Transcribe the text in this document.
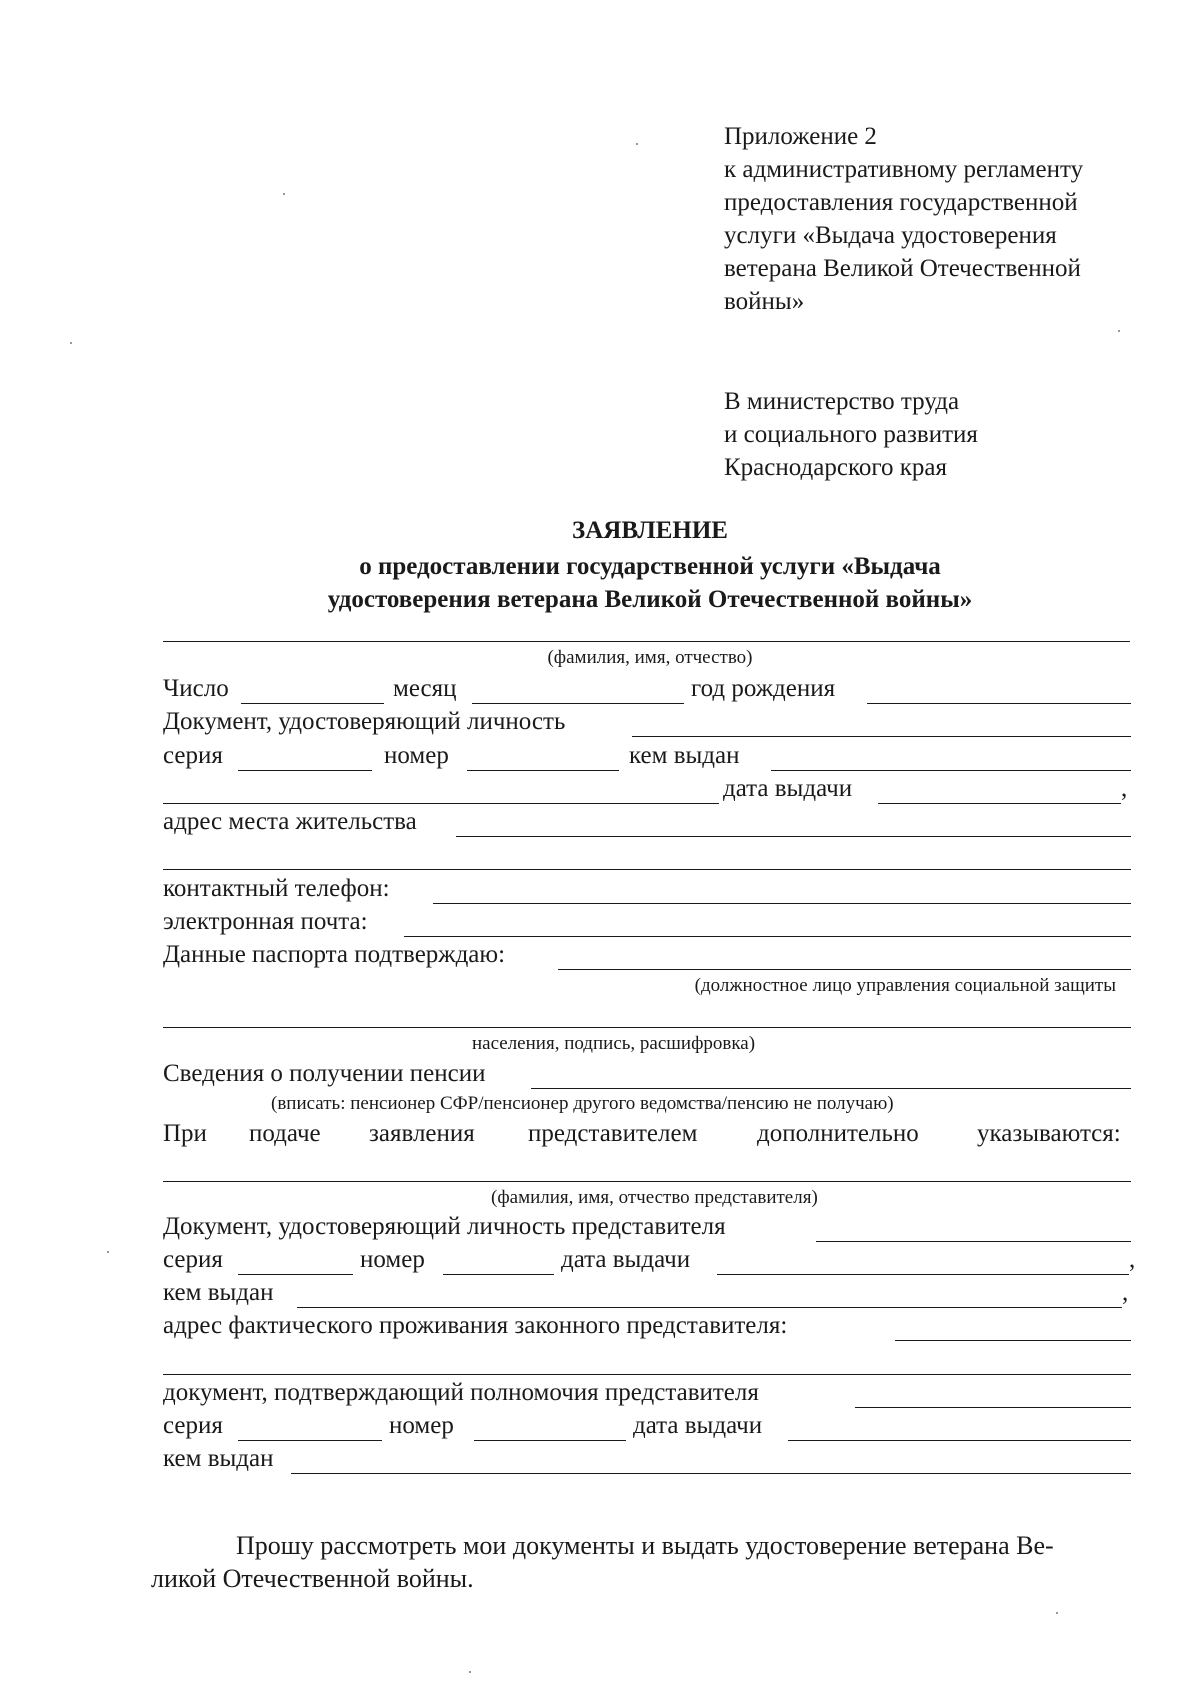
Приложение 2
к административному регламенту
предоставления государственной
услуги «Выдача удостоверения
ветерана Великой Отечественной
войны»
В министерство труда
и социального развития
Краснодарского края
ЗАЯВЛЕНИЕ
о предоставлении государственной услуги «Выдача
удостоверения ветерана Великой Отечественной войны»
(фамилия, имя, отчество)
Число	месяц	год рождения
Документ, удостоверяющий личность
серия	номер	кем выдан
дата выдачи	,
адрес места жительства
контактный телефон:
электронная почта:
Данные паспорта подтверждаю:
(должностное лицо управления социальной защиты
населения, подпись, расшифровка)
Сведения о получении пенсии
(вписать: пенсионер СФР/пенсионер другого ведомства/пенсию не получаю)
При подаче заявления представителем дополнительно указываются:
(фамилия, имя, отчество представителя)
Документ, удостоверяющий личность представителя
серия	номер	дата выдачи	,
кем выдан	,
адрес фактического проживания законного представителя:
документ, подтверждающий полномочия представителя
серия	номер	дата выдачи
кем выдан
Прошу рассмотреть мои документы и выдать удостоверение ветерана Ве-
ликой Отечественной войны.
